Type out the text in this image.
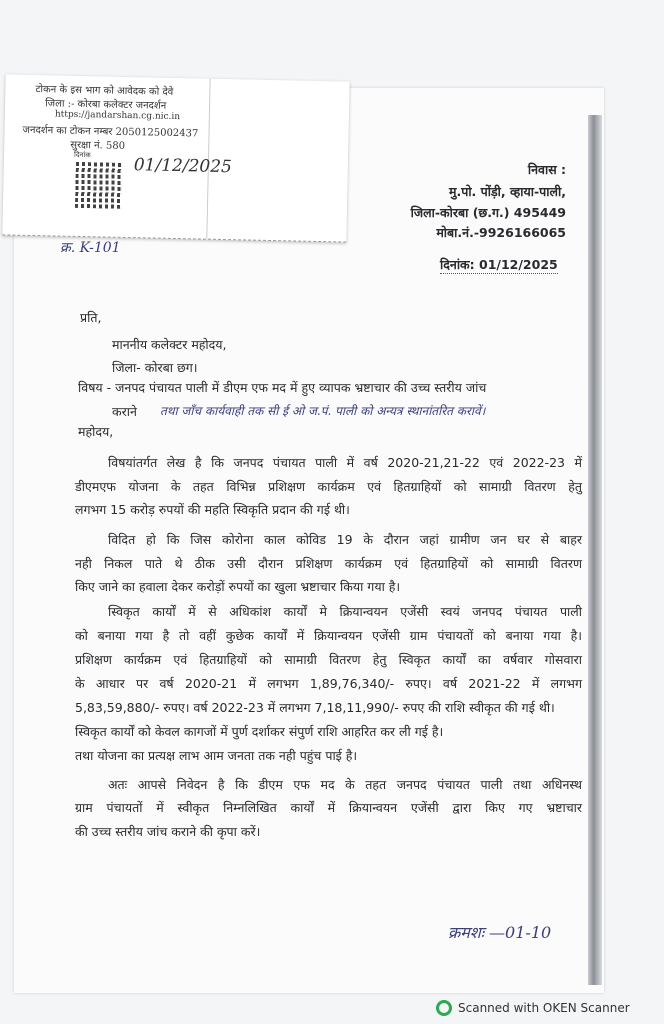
टोकन के इस भाग को आवेदक को देवे
जिला :- कोरबा कलेक्टर जनदर्शन
https://jandarshan.cg.nic.in
जनदर्शन का टोकन नम्बर 2050125002437
सुरक्षा नं. 580
दिनांक
01/12/2025	निवास :
मु.पो. पोंड़ी, व्हाया-पाली,
जिला-कोरबा (छ.ग.) 495449
मोबा.नं.-9926166065
क्र. K-101
दिनांक: 01/12/2025
प्रति,
माननीय कलेक्टर महोदय,
जिला- कोरबा छग।
विषय - जनपद पंचायत पाली में डीएम एफ मद में हुए व्यापक भ्रष्टाचार की उच्च स्तरीय जांच
कराने तथा जाँच कार्यवाही तक सी ई ओ ज.पं. पाली को अन्यत्र स्थानांतरित करावें।
महोदय,
विषयांतर्गत लेख है कि जनपद पंचायत पाली में वर्ष 2020-21,21-22 एवं 2022-23 में
डीएमएफ योजना के तहत विभिन्न प्रशिक्षण कार्यक्रम एवं हितग्राहियों को सामाग्री वितरण हेतु
लगभग 15 करोड़ रुपयों की महति स्विकृति प्रदान की गई थी।
विदित हो कि जिस कोरोना काल कोविड 19 के दौरान जहां ग्रामीण जन घर से बाहर
नही निकल पाते थे ठीक उसी दौरान प्रशिक्षण कार्यक्रम एवं हितग्राहियों को सामाग्री वितरण
किए जाने का हवाला देकर करोड़ों रुपयों का खुला भ्रष्टाचार किया गया है।
स्विकृत कार्यों में से अधिकांश कार्यों मे क्रियान्वयन एजेंसी स्वयं जनपद पंचायत पाली
को बनाया गया है तो वहीं कुछेक कार्यों में क्रियान्वयन एजेंसी ग्राम पंचायतों को बनाया गया है।
प्रशिक्षण कार्यक्रम एवं हितग्राहियों को सामाग्री वितरण हेतु स्विकृत कार्यों का वर्षवार गोसवारा
के आधार पर वर्ष 2020-21 में लगभग 1,89,76,340/- रुपए। वर्ष 2021-22 में लगभग
5,83,59,880/- रुपए। वर्ष 2022-23 में लगभग 7,18,11,990/- रुपए की राशि स्वीकृत की गई थी।
स्विकृत कार्यों को केवल कागजों में पुर्ण दर्शाकर संपुर्ण राशि आहरित कर ली गई है।
तथा योजना का प्रत्यक्ष लाभ आम जनता तक नही पहुंच पाई है।
अतः आपसे निवेदन है कि डीएम एफ मद के तहत जनपद पंचायत पाली तथा अधिनस्थ
ग्राम पंचायतों में स्वीकृत निम्नलिखित कार्यों में क्रियान्वयन एजेंसी द्वारा किए गए भ्रष्टाचार
की उच्च स्तरीय जांच कराने की कृपा करें।
क्रमशः —01-10
Scanned with OKEN Scanner
